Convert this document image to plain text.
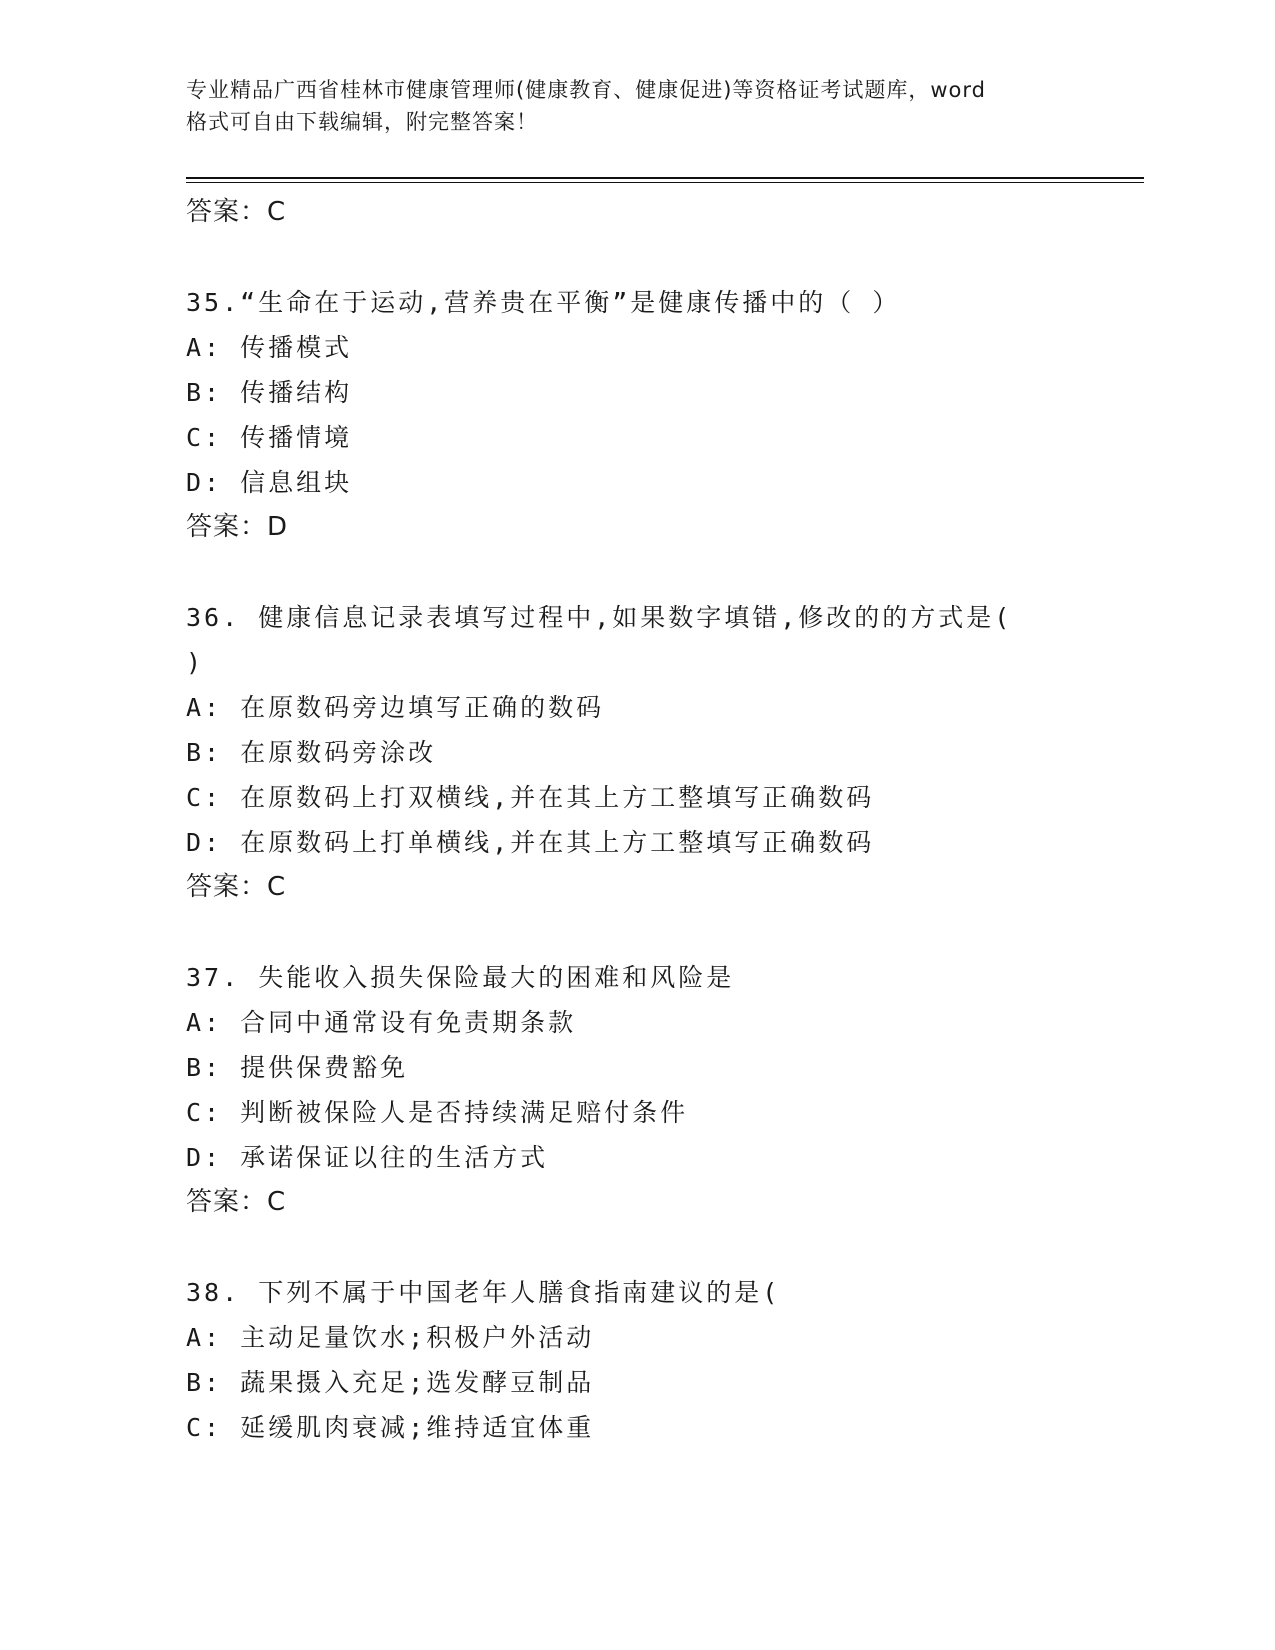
专业精品广西省桂林市健康管理师(健康教育、健康促进)等资格证考试题库，word
格式可自由下载编辑，附完整答案！
答案：C
35.“生命在于运动,营养贵在平衡”是健康传播中的（ ）
A: 传播模式
B: 传播结构
C: 传播情境
D: 信息组块
答案：D
36. 健康信息记录表填写过程中,如果数字填错,修改的的方式是(
)
A: 在原数码旁边填写正确的数码
B: 在原数码旁涂改
C: 在原数码上打双横线,并在其上方工整填写正确数码
D: 在原数码上打单横线,并在其上方工整填写正确数码
答案：C
37. 失能收入损失保险最大的困难和风险是
A: 合同中通常设有免责期条款
B: 提供保费豁免
C: 判断被保险人是否持续满足赔付条件
D: 承诺保证以往的生活方式
答案：C
38. 下列不属于中国老年人膳食指南建议的是(
A: 主动足量饮水;积极户外活动
B: 蔬果摄入充足;选发酵豆制品
C: 延缓肌肉衰减;维持适宜体重
